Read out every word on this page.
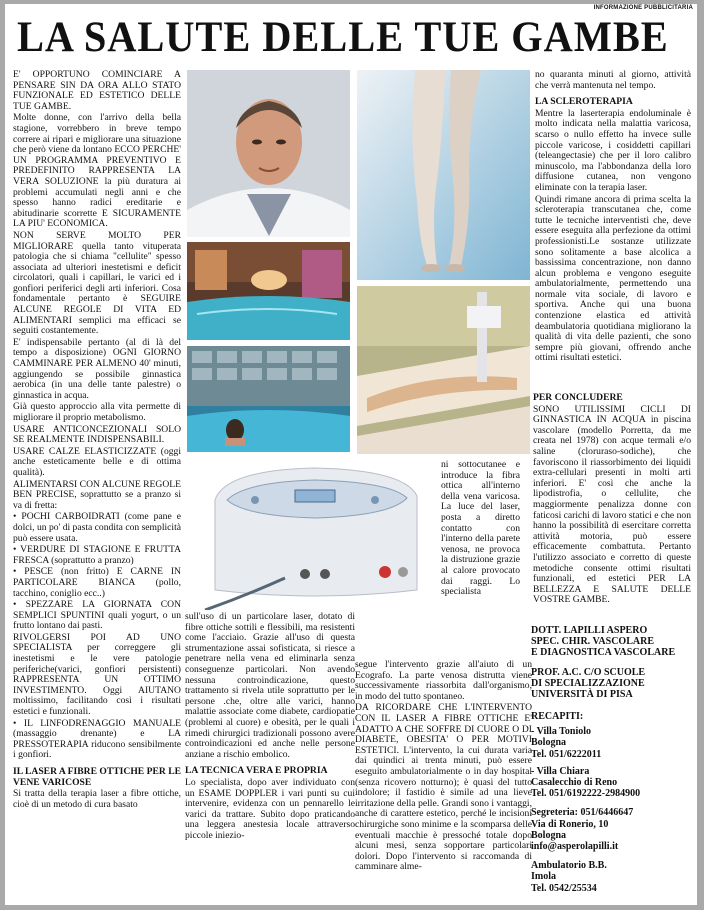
INFORMAZIONE PUBBLICITARIA
LA SALUTE DELLE TUE GAMBE

E' OPPORTUNO COMINCIARE A PENSARE SIN DA ORA ALLO STATO FUNZIONALE ED ESTETICO DELLE TUE GAMBE.

Molte donne, con l'arrivo della bella stagione, vorrebbero in breve tempo correre ai ripari e migliorare una situazione che però viene da lontano ECCO PERCHE' UN PROGRAMMA PREVENTIVO E PREDEFINITO RAPPRESENTA LA VERA SOLUZIONE la più duratura ai problemi accumulati negli anni e che spesso hanno radici ereditarie e abitudinarie scorrette E SICURAMENTE LA PIU' ECONOMICA.

NON SERVE MOLTO PER MIGLIORARE quella tanto vituperata patologia che si chiama "cellulite" spesso associata ad ulteriori inestetismi e deficit circolatori, quali i capillari, le varici ed i gonfiori periferici degli arti inferiori. Cosa fondamentale pertanto è SEGUIRE ALCUNE REGOLE DI VITA ED ALIMENTARI semplici ma efficaci se seguiti costantemente.

E' indispensabile pertanto (al di là del tempo a disposizione) OGNI GIORNO CAMMINARE PER ALMENO 40' minuti, aggiungendo se possibile ginnastica aerobica (in una delle tante palestre) o ginnastica in acqua.

Già questo approccio alla vita permette di migliorare il proprio metabolismo.

USARE ANTICONCEZIONALI SOLO SE REALMENTE INDISPENSABILI.

USARE CALZE ELASTICIZZATE (oggi anche esteticamente belle e di ottima qualità).

ALIMENTARSI CON ALCUNE REGOLE BEN PRECISE, soprattutto se a pranzo si va di fretta:

• POCHI CARBOIDRATI (come pane e dolci, un po' di pasta condita con semplicità può essere usata.

• VERDURE DI STAGIONE E FRUTTA FRESCA (soprattutto a pranzo)

• PESCE (non fritto) E CARNE IN PARTICOLARE BIANCA (pollo, tacchino, coniglio ecc..)

• SPEZZARE LA GIORNATA CON SEMPLICI SPUNTINI quali yogurt, o un frutto lontano dai pasti.

RIVOLGERSI POI AD UNO SPECIALISTA per correggere gli inestetismi e le vere patologie periferiche(varici, gonfiori persistenti) RAPPRESENTA UN OTTIMO INVESTIMENTO. Oggi AIUTANO moltissimo, facilitando così i risultati estetici e funzionali.

• IL LINFODRENAGGIO MANUALE (massaggio drenante) e LA PRESSOTERAPIA riducono sensibilmente i gonfiori.

IL LASER A FIBRE OTTICHE PER LE VENE VARICOSE

Si tratta della terapia laser a fibre ottiche, cioè di un metodo di cura basato

sull'uso di un particolare laser, dotato di fibre ottiche sottili e flessibili, ma resistenti come l'acciaio. Grazie all'uso di questa strumentazione assai sofisticata, si riesce a penetrare nella vena ed eliminarla senza conseguenze particolari. Non avendo nessuna controindicazione, questo trattamento si rivela utile soprattutto per le persone .che, oltre alle varici, hanno malattie associate come diabete, cardiopatie (problemi al cuore) e obesità, per le quali i rimedi chirurgici tradizionali possono avere controindicazioni ed anche nelle persone anziane a rischio embolico.

LA TECNICA VERA E PROPRIA

Lo specialista, dopo aver individuato con un ESAME DOPPLER i vari punti su cui intervenire, evidenza con un pennarello le varici da trattare. Subito dopo praticando una leggera anestesia locale attraverso piccole iniezio-

ni sottocutanee e introduce la fibra ottica all'interno della vena varicosa. La luce del laser, posta a diretto contatto con l'interno della parete venosa, ne provoca la distruzione grazie al calore provocato dai raggi. Lo specialista

segue l'intervento grazie all'aiuto di un Ecografo. La parte venosa distrutta viene successivamente riassorbita dall'organismo, in modo del tutto spontaneo.

DA RICORDARE CHE L'INTERVENTO CON IL LASER A FIBRE OTTICHE E' ADATTO A CHE SOFFRE DI CUORE O DI DIABETE, OBESITA' O PER MOTIVI ESTETICI. L'intervento, la cui durata varia dai quindici ai trenta minuti, può essere eseguito ambulatorialmente o in day hospital (senza ricovero notturno); è quasi del tutto indolore; il fastidio è simile ad una lieve irritazione della pelle. Grandi sono i vantaggi, anche di carattere estetico, perché le incisioni chirurgiche sono minime e la scomparsa delle eventuali macchie è pressoché totale dopo alcuni mesi, senza sopportare particolari dolori. Dopo l'intervento si raccomanda di camminare alme-

no quaranta minuti al giorno, attività che verrà mantenuta nel tempo.

LA SCLEROTERAPIA

Mentre la laserterapia endoluminale è molto indicata nella malattia varicosa, scarso o nullo effetto ha invece sulle piccole varicose, i cosiddetti capillari (teleangectasie) che per il loro calibro minuscolo, ma l'abbondanza della loro diffusione cutanea, non vengono eliminate con la terapia laser.

Quindi rimane ancora di prima scelta la scleroterapia transcutanea che, come tutte le tecniche interventisti che, deve essere eseguita alla perfezione da ottimi professionisti.Le sostanze utilizzate sono solitamente a base alcolica a bassissima concentrazione, non danno alcun problema e vengono eseguite ambulatorialmente, permettendo una normale vita sociale, di lavoro e sportiva. Anche qui una buona contenzione elastica ed attività deambulatoria quotidiana migliorano la qualità di vita delle pazienti, che sono sempre più giovani, offrendo anche ottimi risultati estetici.

PER CONCLUDERE

SONO UTILISSIMI CICLI DI GINNASTICA IN ACQUA in piscina vascolare (modello Porretta, da me creata nel 1978) con acque termali e/o saline (cloruraso-sodiche), che favoriscono il riassorbimento dei liquidi extra-cellulari presenti in molti arti inferiori. E' così che anche la lipodistrofia, o cellulite, che maggiormente penalizza donne con faticosi carichi di lavoro statici e che non hanno la possibilità di esercitare corretta attività motoria, può essere efficacemente combattuta. Pertanto l'utilizzo associato e corretto di queste metodiche consente ottimi risultati funzionali, ed estetici PER LA BELLEZZA E SALUTE DELLE VOSTRE GAMBE.

DOTT. LAPILLI ASPERO
SPEC. CHIR. VASCOLARE
E DIAGNOSTICA VASCOLARE
PROF. A.C. C/O SCUOLE
DI SPECIALIZZAZIONE
UNIVERSITÀ DI PISA
RECAPITI:
- Villa Toniolo
Bologna
Tel. 051/6222011
- Villa Chiara
Casalecchio di Reno
Tel. 051/6192222-2984900
Segreteria: 051/6446647
Via di Ronerio, 10
Bologna
info@asperolapilli.it
Ambulatorio B.B.
Imola
Tel. 0542/25534
